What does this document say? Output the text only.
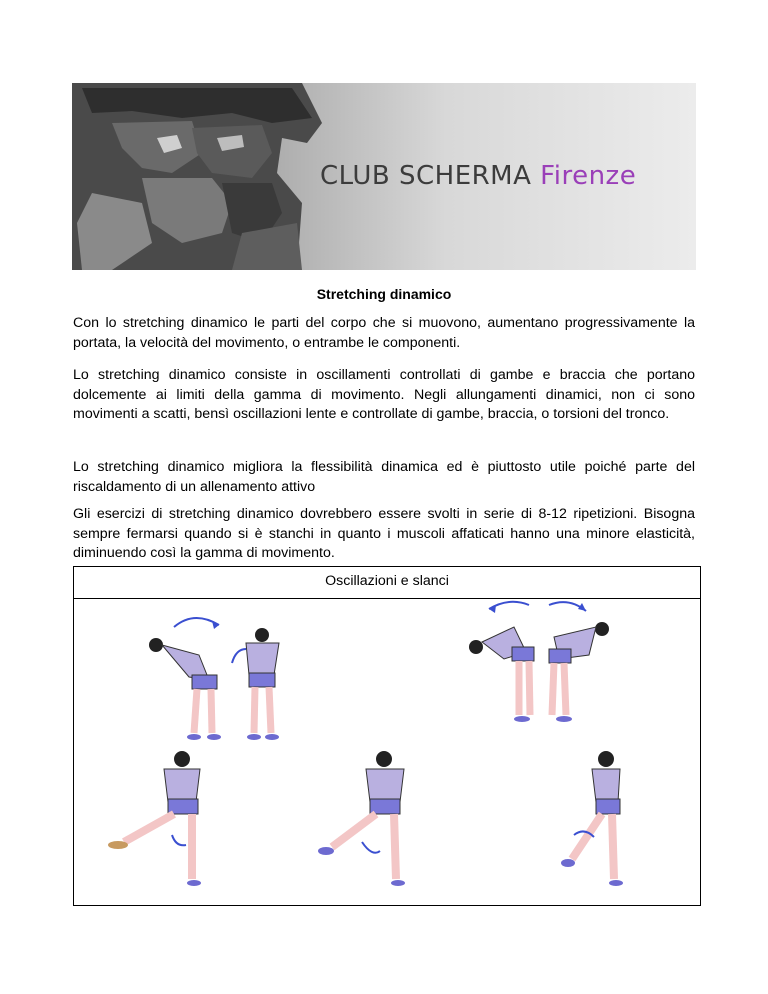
CLUB SCHERMA Firenze
Stretching dinamico

Con lo stretching dinamico le parti del corpo che si muovono, aumentano progressivamente la portata, la velocità del movimento, o entrambe le componenti.

Lo stretching dinamico consiste in oscillamenti controllati di gambe e braccia che portano dolcemente ai limiti della gamma di movimento. Negli allungamenti dinamici, non ci sono movimenti a scatti, bensì oscillazioni lente e controllate di gambe, braccia, o torsioni del tronco.

Lo stretching dinamico migliora la flessibilità dinamica ed è piuttosto utile poiché parte del riscaldamento di un allenamento attivo

Gli esercizi di stretching dinamico dovrebbero essere svolti in serie di 8-12 ripetizioni. Bisogna sempre fermarsi quando si è stanchi in quanto i muscoli affaticati hanno una minore elasticità, diminuendo così la gamma di movimento.

Oscillazioni e slanci
